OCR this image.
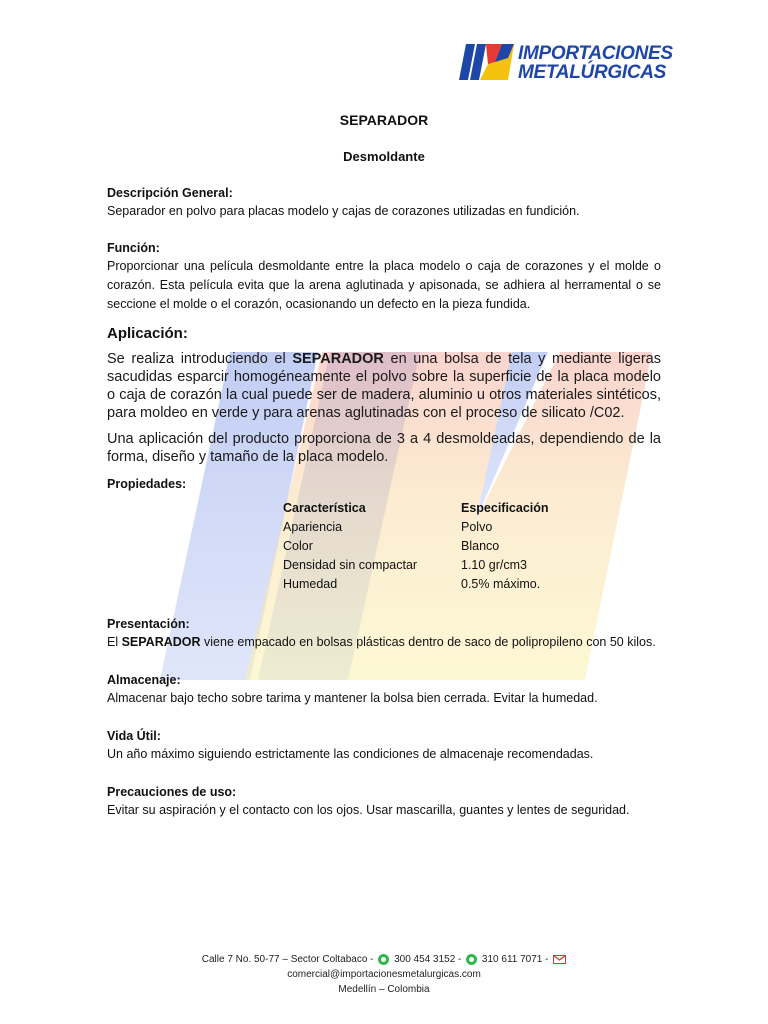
IMPORTACIONES
METALÚRGICAS

SEPARADOR

Desmoldante

Descripción General:

Separador en polvo para placas modelo y cajas de corazones utilizadas en fundición.

Función:

Proporcionar una película desmoldante entre la placa modelo o caja de corazones y el molde o corazón. Esta película evita que la arena aglutinada y apisonada, se adhiera al herramental o se seccione el molde o el corazón, ocasionando un defecto en la pieza fundida.

Aplicación:

Se realiza introduciendo el SEPARADOR en una bolsa de tela y mediante ligeras sacudidas esparcir homogéneamente el polvo sobre la superficie de la placa modelo o caja de corazón la cual puede ser de madera, aluminio u otros materiales sintéticos, para moldeo en verde y para arenas aglutinadas con el proceso de silicato /C02.

Una aplicación del producto proporciona de 3 a 4 desmoldeadas, dependiendo de la forma, diseño y tamaño de la placa modelo.

Propiedades:

Característica	Especificación
Apariencia	Polvo
Color	Blanco
Densidad sin compactar	1.10 gr/cm3
Humedad	0.5% máximo.

Presentación:

El SEPARADOR viene empacado en bolsas plásticas dentro de saco de polipropileno con 50 kilos.

Almacenaje:

Almacenar bajo techo sobre tarima y mantener la bolsa bien cerrada. Evitar la humedad.

Vida Útil:

Un año máximo siguiendo estrictamente las condiciones de almacenaje recomendadas.

Precauciones de uso:

Evitar su aspiración y el contacto con los ojos. Usar mascarilla, guantes y lentes de seguridad.

Calle 7 No. 50-77 – Sector Coltabaco - 300 454 3152 - 310 611 7071 -
comercial@importacionesmetalurgicas.com
Medellín – Colombia
